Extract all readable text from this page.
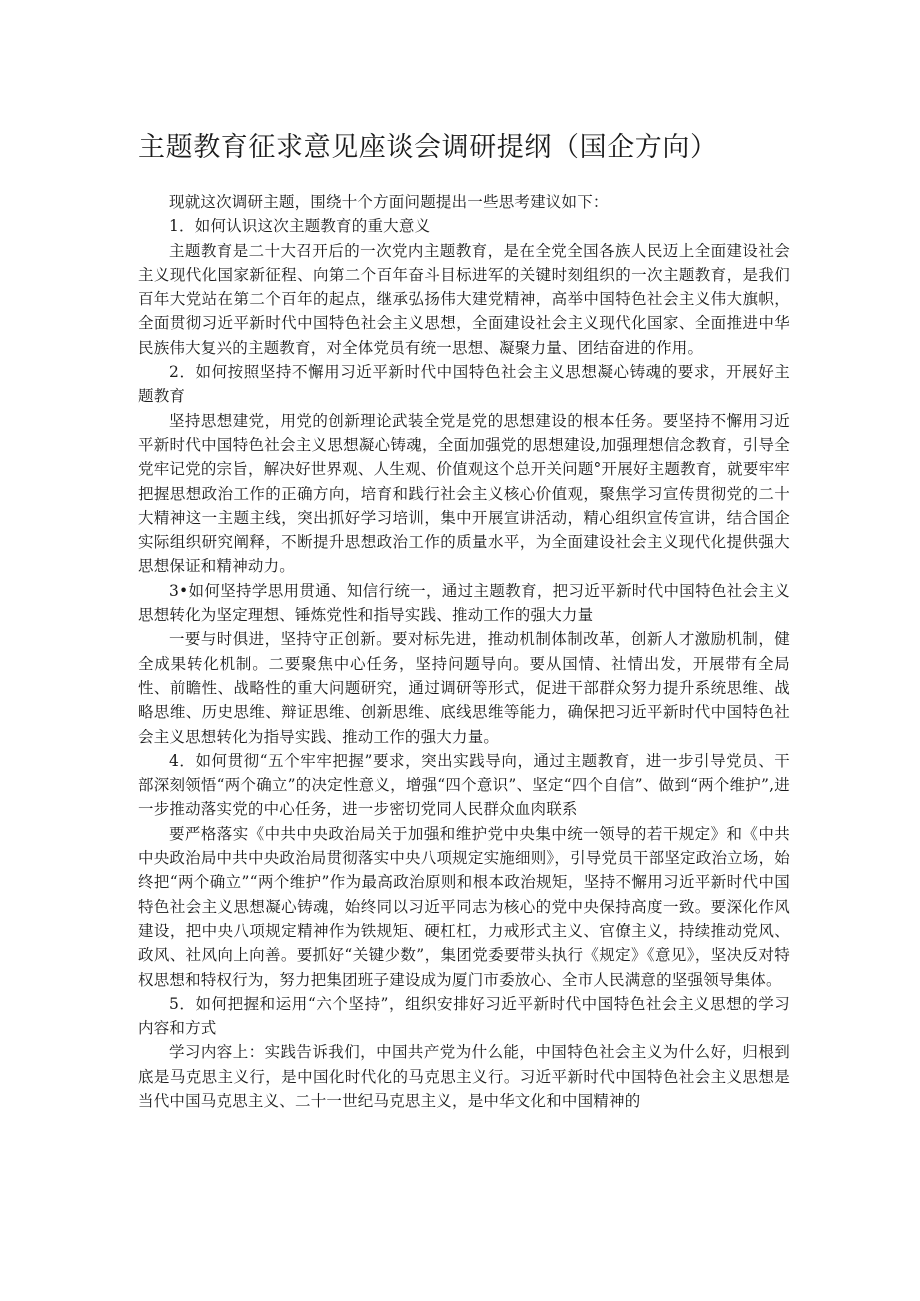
主题教育征求意见座谈会调研提纲（国企方向）

现就这次调研主题，围绕十个方面问题提出一些思考建议如下：

1．如何认识这次主题教育的重大意义

主题教育是二十大召开后的一次党内主题教育，是在全党全国各族人民迈上全面建设社会主义现代化国家新征程、向第二个百年奋斗目标进军的关键时刻组织的一次主题教育，是我们百年大党站在第二个百年的起点，继承弘扬伟大建党精神，高举中国特色社会主义伟大旗帜，全面贯彻习近平新时代中国特色社会主义思想，全面建设社会主义现代化国家、全面推进中华民族伟大复兴的主题教育，对全体党员有统一思想、凝聚力量、团结奋进的作用。

2．如何按照坚持不懈用习近平新时代中国特色社会主义思想凝心铸魂的要求，开展好主题教育

坚持思想建党，用党的创新理论武装全党是党的思想建设的根本任务。要坚持不懈用习近平新时代中国特色社会主义思想凝心铸魂，全面加强党的思想建设,加强理想信念教育，引导全党牢记党的宗旨，解决好世界观、人生观、价值观这个总开关问题°开展好主题教育，就要牢牢把握思想政治工作的正确方向，培育和践行社会主义核心价值观，聚焦学习宣传贯彻党的二十大精神这一主题主线，突出抓好学习培训，集中开展宣讲活动，精心组织宣传宣讲，结合国企实际组织研究阐释，不断提升思想政治工作的质量水平，为全面建设社会主义现代化提供强大思想保证和精神动力。

3•如何坚持学思用贯通、知信行统一，通过主题教育，把习近平新时代中国特色社会主义思想转化为坚定理想、锤炼党性和指导实践、推动工作的强大力量

一要与时俱进，坚持守正创新。要对标先进，推动机制体制改革，创新人才激励机制，健全成果转化机制。二要聚焦中心任务，坚持问题导向。要从国情、社情出发，开展带有全局性、前瞻性、战略性的重大问题研究，通过调研等形式，促进干部群众努力提升系统思维、战略思维、历史思维、辩证思维、创新思维、底线思维等能力，确保把习近平新时代中国特色社会主义思想转化为指导实践、推动工作的强大力量。

4．如何贯彻“五个牢牢把握”要求，突出实践导向，通过主题教育，进一步引导党员、干部深刻领悟“两个确立”的决定性意义，增强“四个意识”、坚定“四个自信”、做到“两个维护”,进一步推动落实党的中心任务，进一步密切党同人民群众血肉联系

要严格落实《中共中央政治局关于加强和维护党中央集中统一领导的若干规定》和《中共中央政治局中共中央政治局贯彻落实中央八项规定实施细则》，引导党员干部坚定政治立场，始终把“两个确立”“两个维护”作为最高政治原则和根本政治规矩，坚持不懈用习近平新时代中国特色社会主义思想凝心铸魂，始终同以习近平同志为核心的党中央保持高度一致。要深化作风建设，把中央八项规定精神作为铁规矩、硬杠杠，力戒形式主义、官僚主义，持续推动党风、政风、社风向上向善。要抓好“关键少数”，集团党委要带头执行《规定》《意见》，坚决反对特权思想和特权行为，努力把集团班子建设成为厦门市委放心、全市人民满意的坚强领导集体。

5．如何把握和运用“六个坚持”，组织安排好习近平新时代中国特色社会主义思想的学习内容和方式

学习内容上：实践告诉我们，中国共产党为什么能，中国特色社会主义为什么好，归根到底是马克思主义行，是中国化时代化的马克思主义行。习近平新时代中国特色社会主义思想是当代中国马克思主义、二十一世纪马克思主义，是中华文化和中国精神的
